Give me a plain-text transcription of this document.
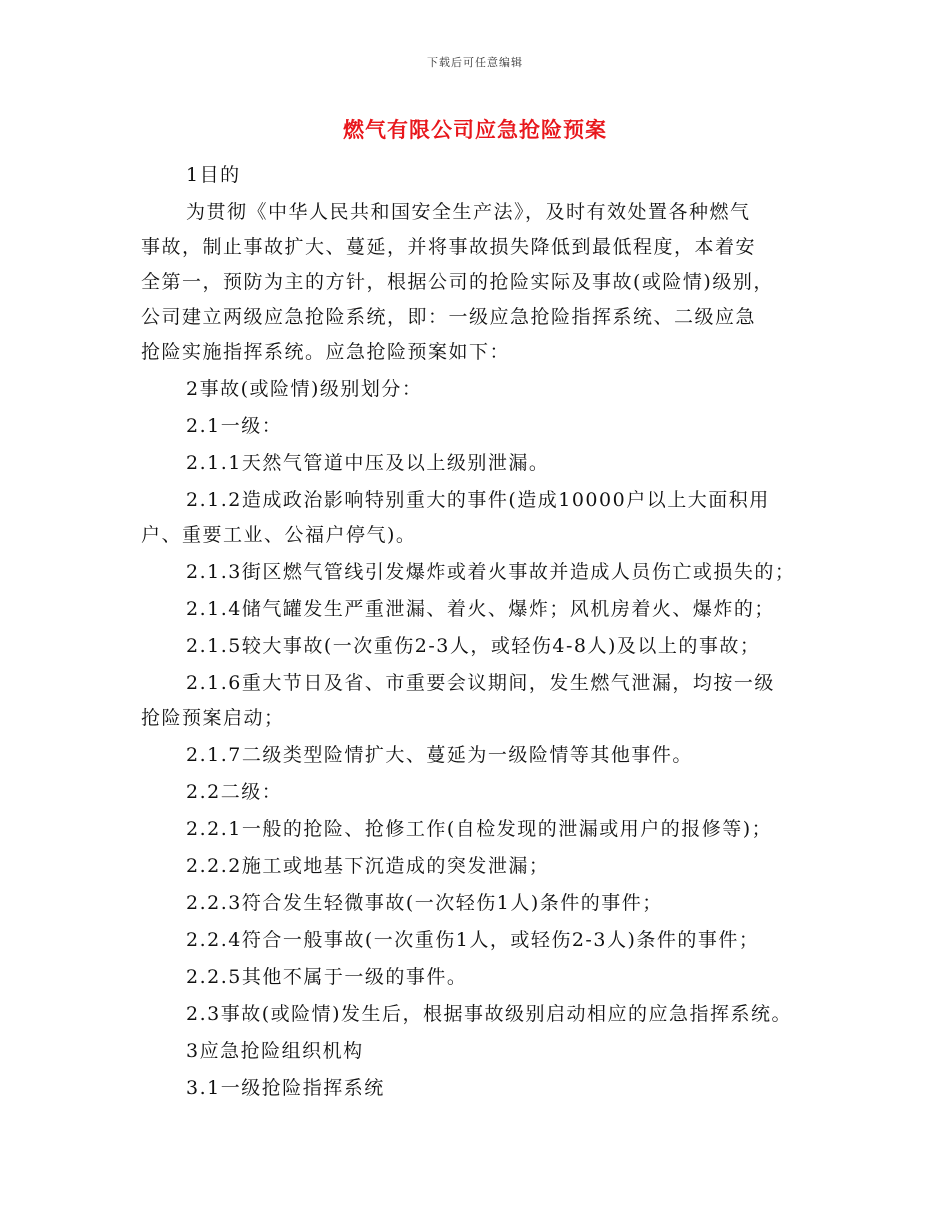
下载后可任意编辑
燃气有限公司应急抢险预案

1目的

为贯彻《中华人民共和国安全生产法》，及时有效处置各种燃气
事故，制止事故扩大、蔓延，并将事故损失降低到最低程度，本着安
全第一，预防为主的方针，根据公司的抢险实际及事故(或险情)级别，
公司建立两级应急抢险系统，即：一级应急抢险指挥系统、二级应急
抢险实施指挥系统。应急抢险预案如下：

2事故(或险情)级别划分：

2.1一级：

2.1.1天然气管道中压及以上级别泄漏。

2.1.2造成政治影响特别重大的事件(造成10000户以上大面积用
户、重要工业、公福户停气)。

2.1.3街区燃气管线引发爆炸或着火事故并造成人员伤亡或损失的；

2.1.4储气罐发生严重泄漏、着火、爆炸；风机房着火、爆炸的；

2.1.5较大事故(一次重伤2-3人，或轻伤4-8人)及以上的事故；

2.1.6重大节日及省、市重要会议期间，发生燃气泄漏，均按一级
抢险预案启动；

2.1.7二级类型险情扩大、蔓延为一级险情等其他事件。

2.2二级：

2.2.1一般的抢险、抢修工作(自检发现的泄漏或用户的报修等)；

2.2.2施工或地基下沉造成的突发泄漏；

2.2.3符合发生轻微事故(一次轻伤1人)条件的事件；

2.2.4符合一般事故(一次重伤1人，或轻伤2-3人)条件的事件；

2.2.5其他不属于一级的事件。

2.3事故(或险情)发生后，根据事故级别启动相应的应急指挥系统。

3应急抢险组织机构

3.1一级抢险指挥系统
